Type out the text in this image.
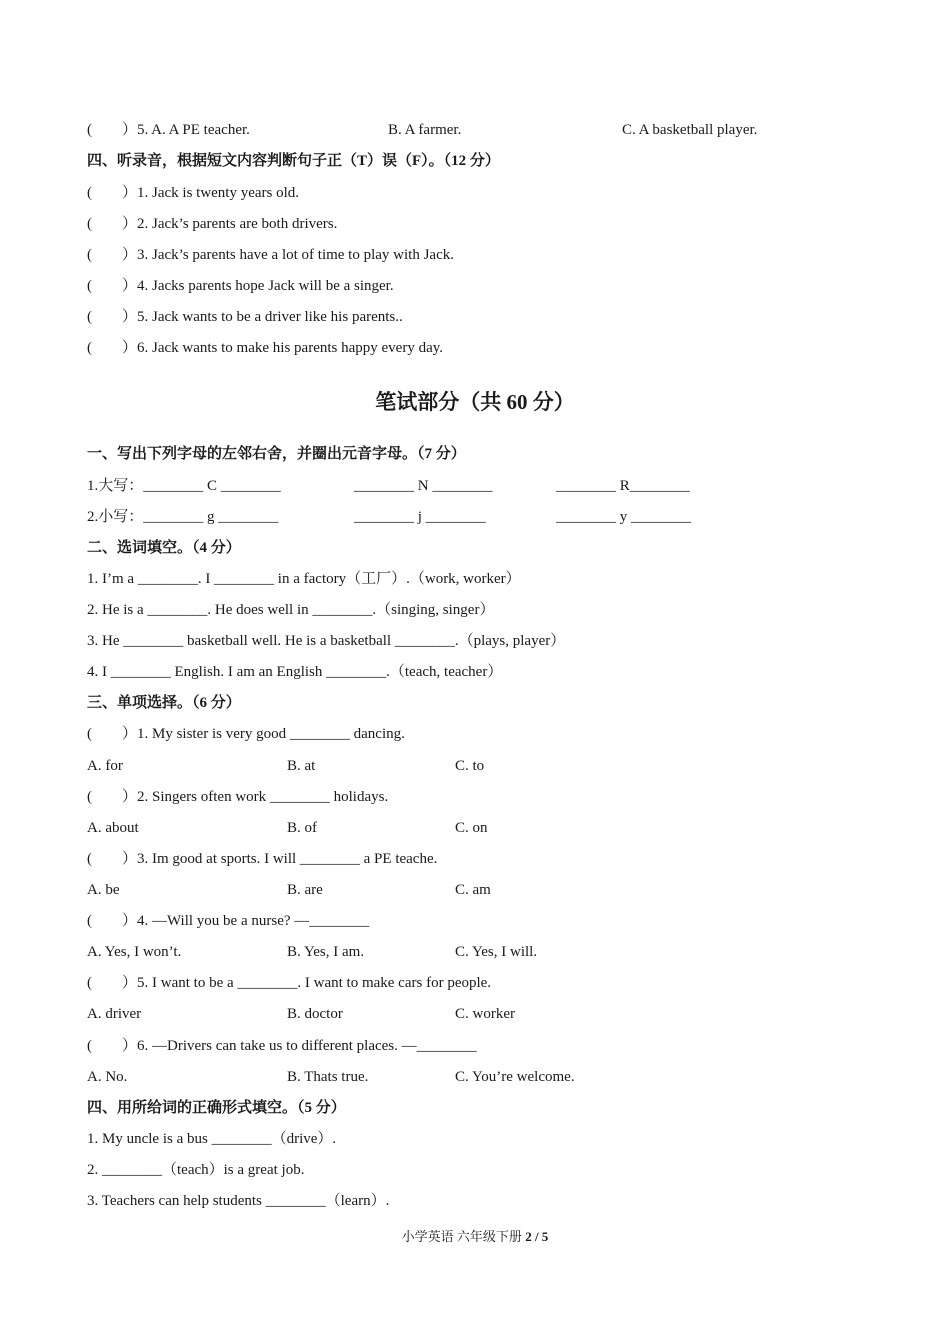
(　　）5. A. A PE teacher.	B. A farmer.	C. A basketball player.
四、听录音，根据短文内容判断句子正（T）误（F）。（12 分）
(　　）1. Jack is twenty years old.
(　　）2. Jack’s parents are both drivers.
(　　）3. Jack’s parents have a lot of time to play with Jack.
(　　）4. Jacks parents hope Jack will be a singer.
(　　）5. Jack wants to be a driver like his parents..
(　　）6. Jack wants to make his parents happy every day.
笔试部分（共 60 分）
一、写出下列字母的左邻右舍，并圈出元音字母。（7 分）
1.大写：________ C ________	________ N ________	________ R________
2.小写：________ g ________	________ j ________	________ y ________
二、选词填空。（4 分）
1. I’m a ________. I ________ in a factory（工厂）.（work, worker）
2. He is a ________. He does well in ________.（singing, singer）
3. He ________ basketball well. He is a basketball ________.（plays, player）
4. I ________ English. I am an English ________.（teach, teacher）
三、单项选择。（6 分）
(　　）1. My sister is very good ________ dancing.
A. for	B. at	C. to
(　　）2. Singers often work ________ holidays.
A. about	B. of	C. on
(　　）3. Im good at sports. I will ________ a PE teache.
A. be	B. are	C. am
(　　）4. —Will you be a nurse? —________
A. Yes, I won’t.	B. Yes, I am.	C. Yes, I will.
(　　）5. I want to be a ________. I want to make cars for people.
A. driver	B. doctor	C. worker
(　　）6. —Drivers can take us to different places. —________
A. No.	B. Thats true.	C. You’re welcome.
四、用所给词的正确形式填空。（5 分）
1. My uncle is a bus ________（drive）.
2. ________（teach）is a great job.
3. Teachers can help students ________（learn）.
小学英语 六年级下册 2 / 5
